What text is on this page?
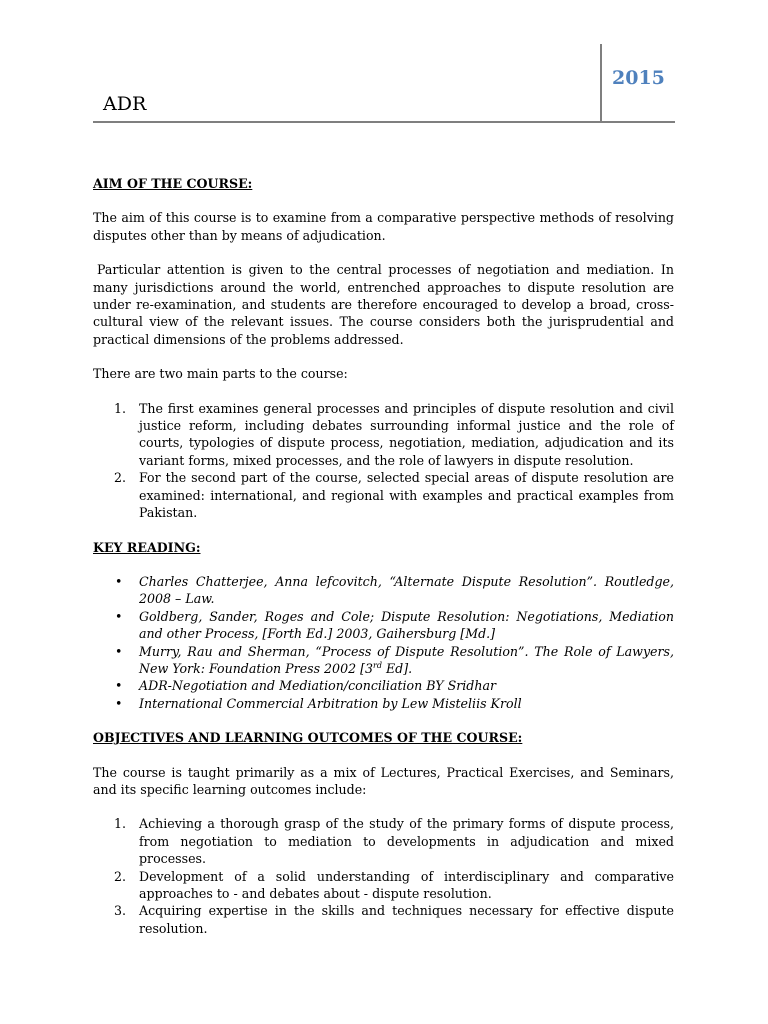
ADR
2015

AIM OF THE COURSE:

The aim of this course is to examine from a comparative perspective methods of resolving disputes other than by means of adjudication.

Particular attention is given to the central processes of negotiation and mediation. In many jurisdictions around the world, entrenched approaches to dispute resolution are under re-examination, and students are therefore encouraged to develop a broad, cross-cultural view of the relevant issues. The course considers both the jurisprudential and practical dimensions of the problems addressed.

There are two main parts to the course:

1. The first examines general processes and principles of dispute resolution and civil justice reform, including debates surrounding informal justice and the role of courts, typologies of dispute process, negotiation, mediation, adjudication and its variant forms, mixed processes, and the role of lawyers in dispute resolution.
2. For the second part of the course, selected special areas of dispute resolution are examined: international, and regional with examples and practical examples from Pakistan.

KEY READING:

• Charles Chatterjee, Anna lefcovitch, “Alternate Dispute Resolution”. Routledge, 2008 – Law.
• Goldberg, Sander, Roges and Cole; Dispute Resolution: Negotiations, Mediation and other Process, [Forth Ed.] 2003, Gaihersburg [Md.]
• Murry, Rau and Sherman, “Process of Dispute Resolution”. The Role of Lawyers, New York: Foundation Press 2002 [3rd Ed].
• ADR-Negotiation and Mediation/conciliation BY Sridhar
• International Commercial Arbitration by Lew Misteliis Kroll

OBJECTIVES AND LEARNING OUTCOMES OF THE COURSE:

The course is taught primarily as a mix of Lectures, Practical Exercises, and Seminars, and its specific learning outcomes include:

1. Achieving a thorough grasp of the study of the primary forms of dispute process, from negotiation to mediation to developments in adjudication and mixed processes.
2. Development of a solid understanding of interdisciplinary and comparative approaches to - and debates about - dispute resolution.
3. Acquiring expertise in the skills and techniques necessary for effective dispute resolution.
